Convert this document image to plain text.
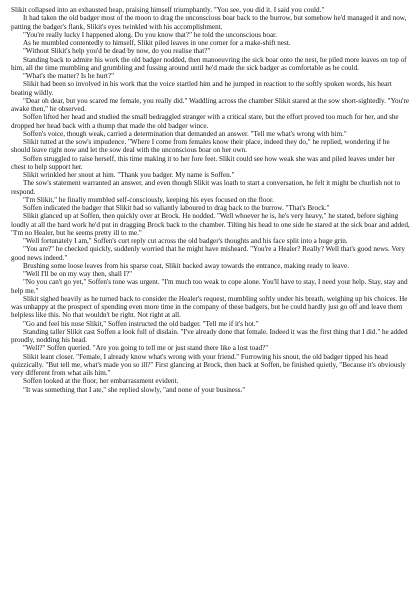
Slikit collapsed into an exhausted heap, praising himself triumphantly. "You see, you did it. I said you could."

It had taken the old badger most of the moon to drag the unconscious boar back to the burrow, but somehow he'd managed it and now, patting the badger's flank, Slikit's eyes twinkled with his accomplishment.

"You're really lucky I happened along. Do you know that?" he told the unconscious boar.

As he mumbled contentedly to himself, Slikit piled leaves in one corner for a make-shift nest.

"Without Slikit's help you'd be dead by now, do you realise that?"

Standing back to admire his work the old badger nodded, then manoeuvring the sick boar onto the nest, he piled more leaves on top of him, all the time mumbling and grumbling and fussing around until he'd made the sick badger as comfortable as he could.

"What's the matter? Is he hurt?"

Slikit had been so involved in his work that the voice startled him and he jumped in reaction to the softly spoken words, his heart beating wildly.

"Dear oh dear, but you scared me female, you really did." Waddling across the chamber Slikit stared at the sow short-sightedly. "You're awake then," he observed.

Soffen lifted her head and studied the small bedraggled stranger with a critical stare, but the effort proved too much for her, and she dropped her head back with a thump that made the old badger wince.

Soffen's voice, though weak, carried a determination that demanded an answer. "Tell me what's wrong with him."

Slikit tutted at the sow's impudence. "Where I come from females know their place, indeed they do," he replied, wondering if he should leave right now and let the sow deal with the unconscious boar on her own.

Soffen struggled to raise herself, this time making it to her fore feet. Slikit could see how weak she was and piled leaves under her chest to help support her.

Slikit wrinkled her snout at him. "Thank you badger. My name is Soffen."

The sow's statement warranted an answer, and even though Slikit was loath to start a conversation, he felt it might be churlish not to respond.

"I'm Slikit," he finally mumbled self-consciously, keeping his eyes focused on the floor.

Soffen indicated the badger that Slikit had so valiantly laboured to drag back to the burrow. "That's Brock."

Slikit glanced up at Soffen, then quickly over at Brock. He nodded. "Well whoever he is, he's very heavy," he stated, before sighing loudly at all the hard work he'd put in dragging Brock back to the chamber. Tilting his head to one side he stared at the sick boar and added, "I'm no Healer, but he seems pretty ill to me."

"Well fortunately I am," Soffen's curt reply cut across the old badger's thoughts and his face split into a huge grin.

"You are?" he checked quickly, suddenly worried that he might have misheard. "You're a Healer? Really? Well that's good news. Very good news indeed."

Brushing some loose leaves from his sparse coat, Slikit backed away towards the entrance, making ready to leave.

"Well I'll be on my way then, shall I?"

"No you can't go yet," Soffen's tone was urgent. "I'm much too weak to cope alone. You'll have to stay, I need your help. Stay, stay and help me."

Slikit sighed heavily as he turned back to consider the Healer's request, mumbling softly under his breath, weighing up his choices. He was unhappy at the prospect of spending even more time in the company of these badgers, but he could hardly just go off and leave them helpless like this. No that wouldn't be right. Not right at all.

"Go and feel his nose Slikit," Soffen instructed the old badger. "Tell me if it's hot."

Standing taller Slikit cast Soffen a look full of disdain. "I've already done that female. Indeed it was the first thing that I did." he added proudly, nodding his head.

"Well?" Soffen queried. "Are you going to tell me or just stand there like a lost toad?"

Slikit leant closer. "Female, I already know what's wrong with your friend." Furrowing his snout, the old badger tipped his head quizzically. "But tell me, what's made you so ill?" First glancing at Brock, then back at Soffen, he finished quietly, "Because it's obviously very different from what ails him."

Soffen looked at the floor, her embarrassment evident.

"It was something that I ate," she replied slowly, "and none of your business."
